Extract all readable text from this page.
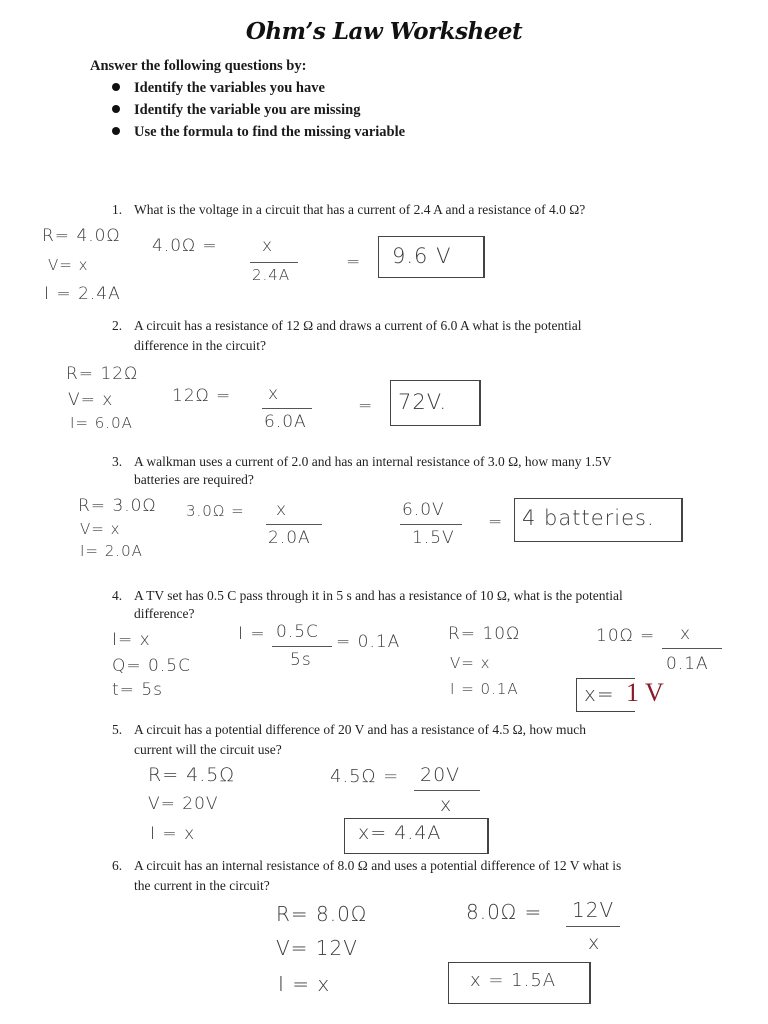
Ohm’s Law Worksheet
Answer the following questions by:
Identify the variables you have
Identify the variable you are missing
Use the formula to find the missing variable
1. What is the voltage in a circuit that has a current of 2.4 A and a resistance of 4.0 Ω?
R= 4.0Ω
V= x
I = 2.4A
4.0Ω =	x
2.4A
= 9.6 V
2. A circuit has a resistance of 12 Ω and draws a current of 6.0 A what is the potential
difference in the circuit?
R= 12Ω
V= x
I= 6.0A
12Ω = x
6.0A
= 72V.
3. A walkman uses a current of 2.0 and has an internal resistance of 3.0 Ω, how many 1.5V
batteries are required?
R= 3.0Ω
V= x
I= 2.0A
3.0Ω = x
2.0A
6.0V
1.5V
= 4 batteries.
4. A TV set has 0.5 C pass through it in 5 s and has a resistance of 10 Ω, what is the potential
difference?
I= x
Q= 0.5C
t= 5s
I = 0.5C
5s
= 0.1A	R= 10Ω
V= x
I = 0.1A
10Ω = x
0.1A
x= 1 V
5. A circuit has a potential difference of 20 V and has a resistance of 4.5 Ω, how much
current will the circuit use?
R= 4.5Ω
V= 20V
I = x
4.5Ω = 20V
x
x= 4.4A
6. A circuit has an internal resistance of 8.0 Ω and uses a potential difference of 12 V what is
the current in the circuit?
R= 8.0Ω
V= 12V
I = x
8.0Ω = 12V
x
x = 1.5A
